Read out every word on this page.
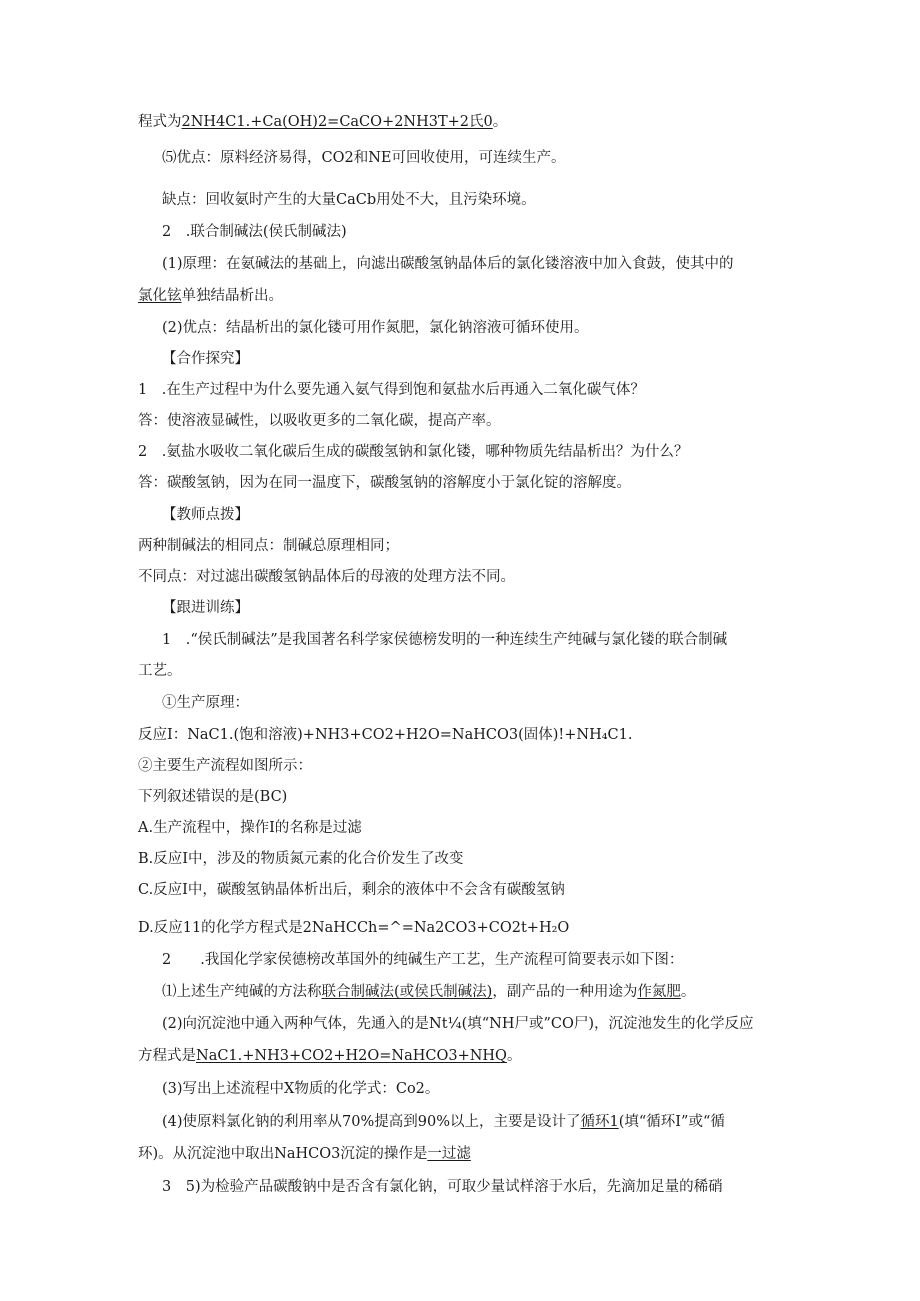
程式为2NH4C1.+Ca(OH)2=CaCO+2NH3T+2氏0。
⑸优点：原料经济易得，CO2和NE可回收使用，可连续生产。
缺点：回收氨时产生的大量CaCb用处不大，且污染环境。
2　.联合制碱法(侯氏制碱法)
(1)原理：在氨碱法的基础上，向滤出碳酸氢钠晶体后的氯化镂溶液中加入食鼓，使其中的
氯化铉单独结晶析出。
(2)优点：结晶析出的氯化镂可用作氮肥，氯化钠溶液可循环使用。
【合作探究】
1　.在生产过程中为什么要先通入氨气得到饱和氨盐水后再通入二氧化碳气体？
答：使溶液显碱性，以吸收更多的二氧化碳，提高产率。
2　.氨盐水吸收二氧化碳后生成的碳酸氢钠和氯化镂，哪种物质先结晶析出？为什么？
答：碳酸氢钠，因为在同一温度下，碳酸氢钠的溶解度小于氯化锭的溶解度。
【教师点拨】
两种制碱法的相同点：制碱总原理相同；
不同点：对过滤出碳酸氢钠晶体后的母液的处理方法不同。
【跟进训练】
1　.“侯氏制碱法”是我国著名科学家侯德榜发明的一种连续生产纯碱与氯化镂的联合制碱
工艺。
①生产原理：
反应I：NaC1.(饱和溶液)+NH3+CO2+H2O=NaHCO3(固体)!+NH₄C1.
②主要生产流程如图所示：
下列叙述错误的是(BC)
A.生产流程中，操作I的名称是过滤
B.反应I中，涉及的物质氮元素的化合价发生了改变
C.反应I中，碳酸氢钠晶体析出后，剩余的液体中不会含有碳酸氢钠
D.反应11的化学方程式是2NaHCCh=^=Na2CO3+CO2t+H₂O
2　　.我国化学家侯德榜改革国外的纯碱生产工艺，生产流程可简要表示如下图：
⑴上述生产纯碱的方法称联合制碱法(或侯氏制碱法)，副产品的一种用途为作氮肥。
(2)向沉淀池中通入两种气体，先通入的是Nt¼(填“NH尸或”CO尸)，沉淀池发生的化学反应
方程式是NaC1.+NH3+CO2+H2O=NaHCO3+NHQ。
(3)写出上述流程中X物质的化学式：Co2。
(4)使原料氯化钠的利用率从70%提高到90%以上，主要是设计了循环1(填“循环I”或“循
环)。从沉淀池中取出NaHCO3沉淀的操作是一过滤
3　5)为检验产品碳酸钠中是否含有氯化钠，可取少量试样溶于水后，先滴加足量的稀硝
